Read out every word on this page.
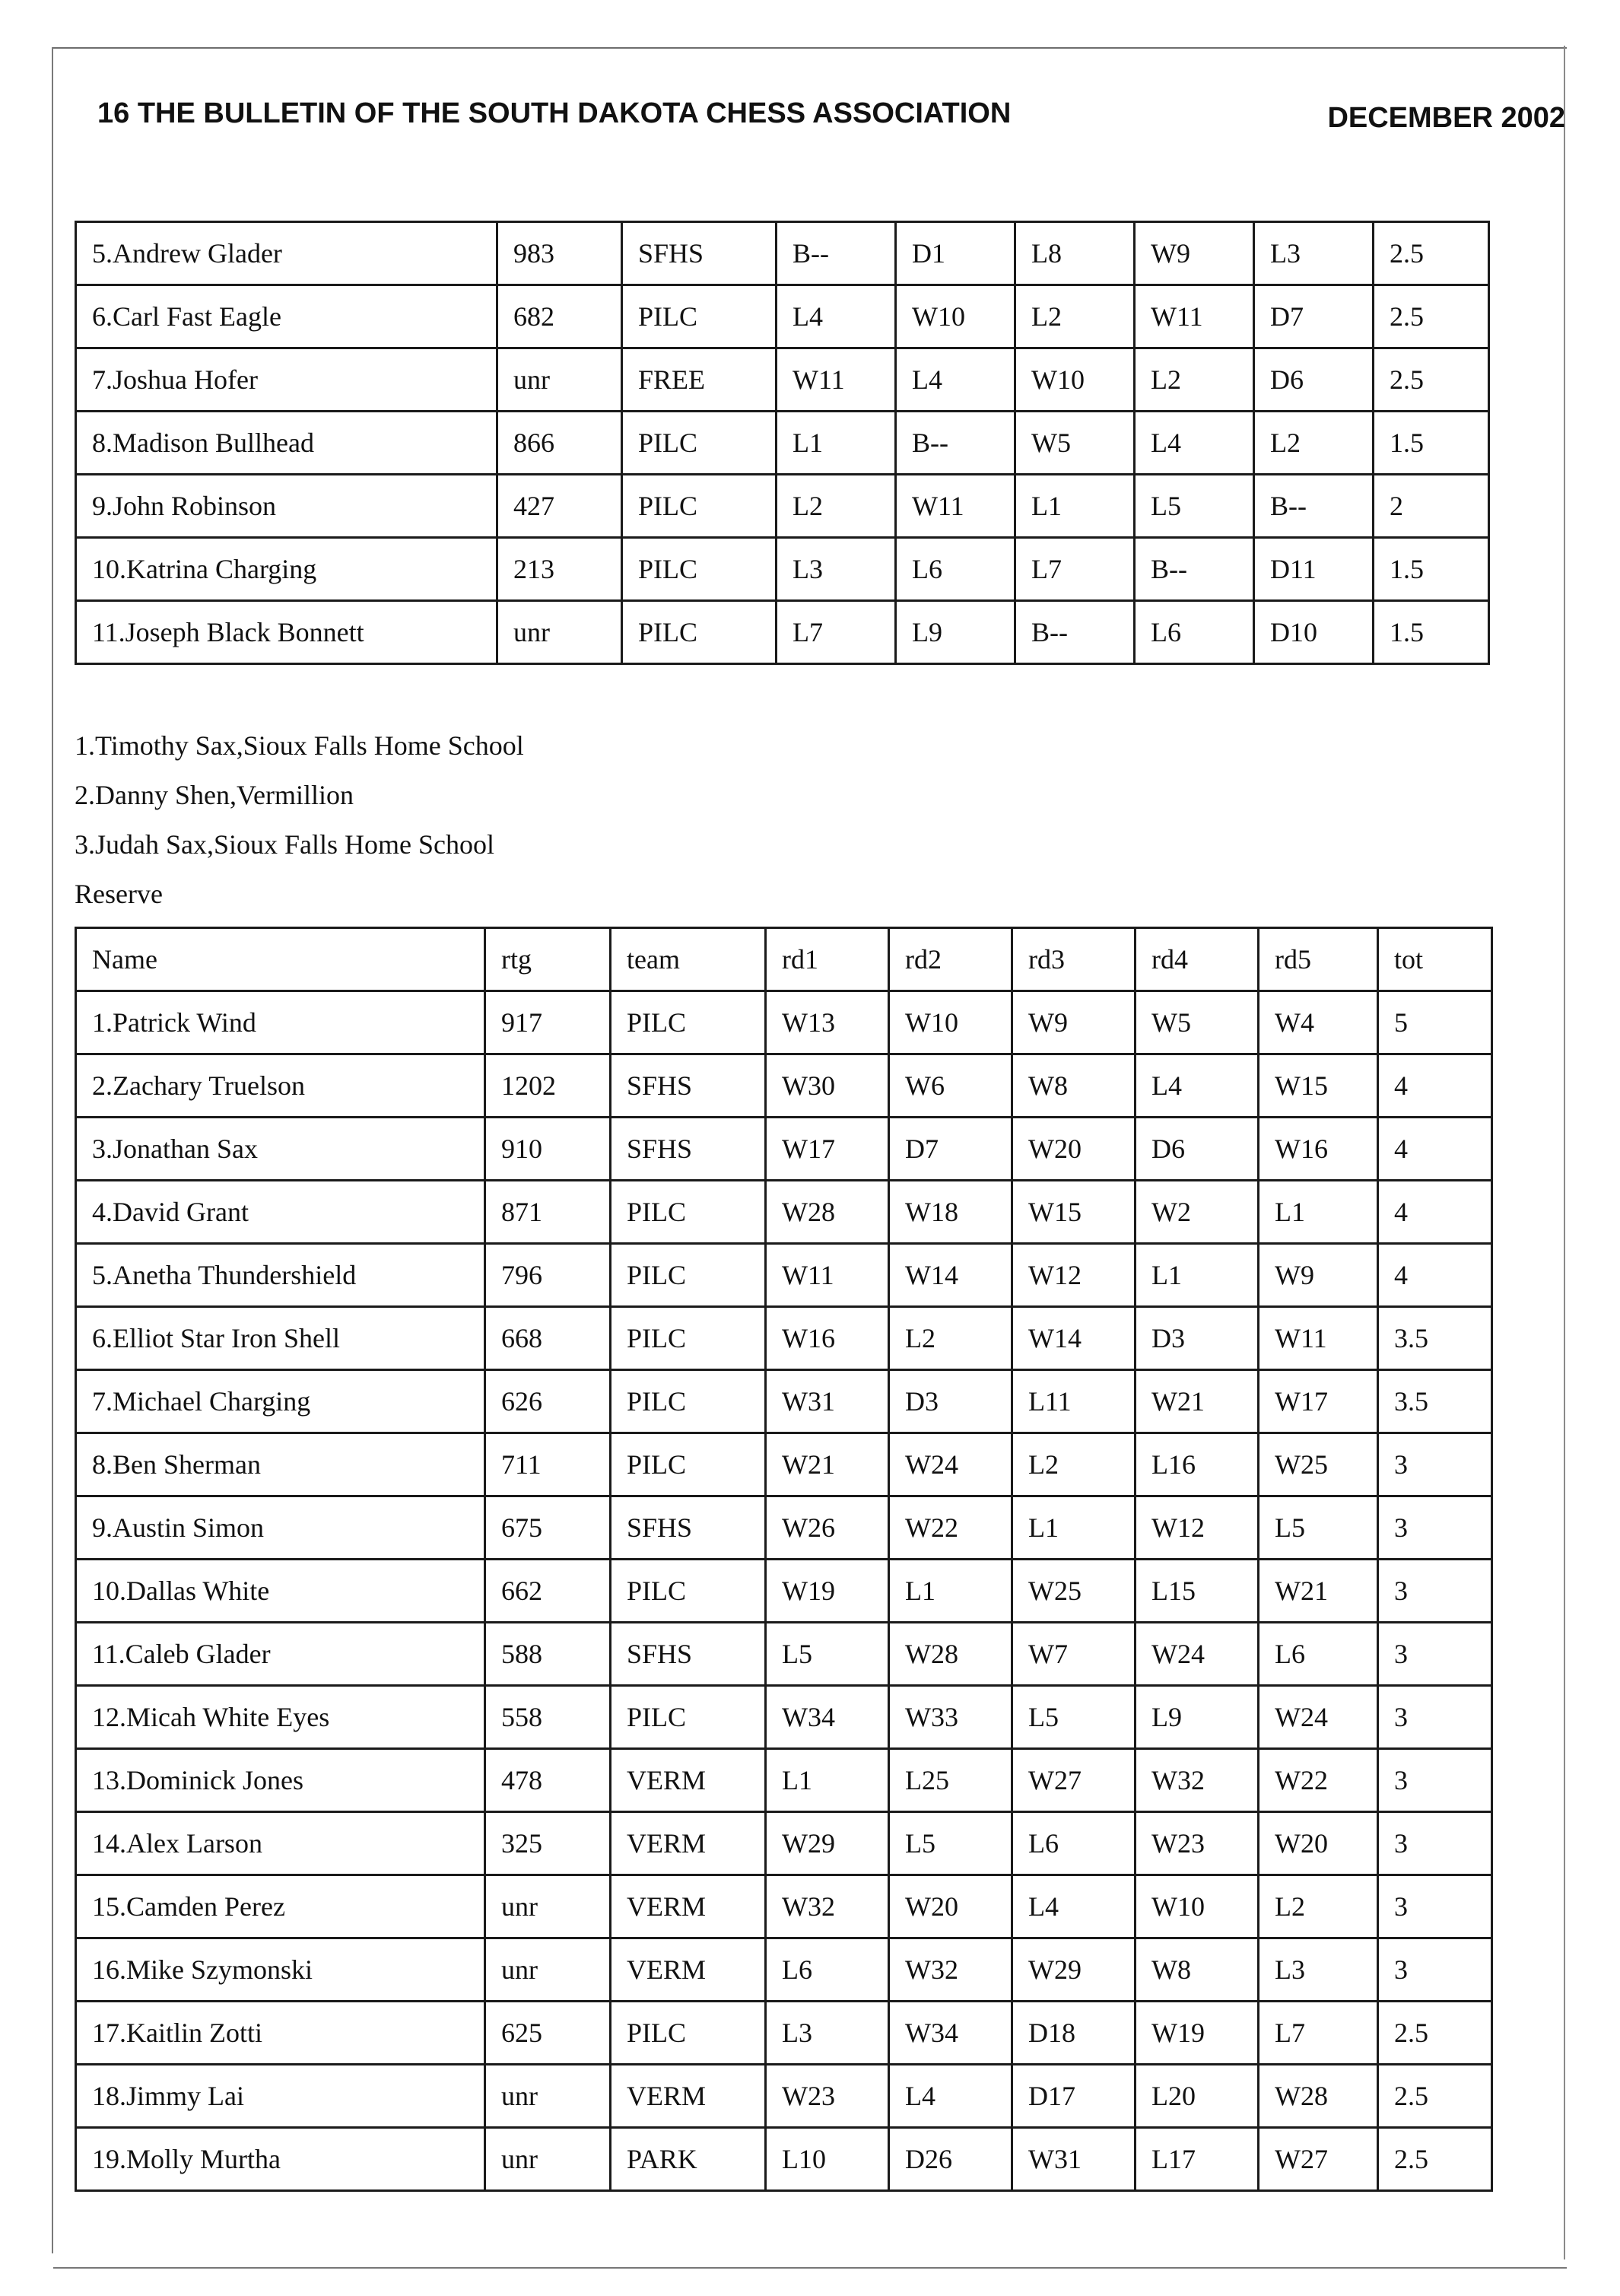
16 THE BULLETIN OF THE SOUTH DAKOTA CHESS ASSOCIATION	DECEMBER 2002
5.Andrew Glader	983	SFHS	B--	D1	L8	W9	L3	2.5
6.Carl Fast Eagle	682	PILC	L4	W10	L2	W11	D7	2.5
7.Joshua Hofer	unr	FREE	W11	L4	W10	L2	D6	2.5
8.Madison Bullhead	866	PILC	L1	B--	W5	L4	L2	1.5
9.John Robinson	427	PILC	L2	W11	L1	L5	B--	2
10.Katrina Charging	213	PILC	L3	L6	L7	B--	D11	1.5
11.Joseph Black Bonnett	unr	PILC	L7	L9	B--	L6	D10	1.5
1.Timothy Sax,Sioux Falls Home School
2.Danny Shen,Vermillion
3.Judah Sax,Sioux Falls Home School
Reserve
Name	rtg	team	rd1	rd2	rd3	rd4	rd5	tot
1.Patrick Wind	917	PILC	W13	W10	W9	W5	W4	5
2.Zachary Truelson	1202	SFHS	W30	W6	W8	L4	W15	4
3.Jonathan Sax	910	SFHS	W17	D7	W20	D6	W16	4
4.David Grant	871	PILC	W28	W18	W15	W2	L1	4
5.Anetha Thundershield	796	PILC	W11	W14	W12	L1	W9	4
6.Elliot Star Iron Shell	668	PILC	W16	L2	W14	D3	W11	3.5
7.Michael Charging	626	PILC	W31	D3	L11	W21	W17	3.5
8.Ben Sherman	711	PILC	W21	W24	L2	L16	W25	3
9.Austin Simon	675	SFHS	W26	W22	L1	W12	L5	3
10.Dallas White	662	PILC	W19	L1	W25	L15	W21	3
11.Caleb Glader	588	SFHS	L5	W28	W7	W24	L6	3
12.Micah White Eyes	558	PILC	W34	W33	L5	L9	W24	3
13.Dominick Jones	478	VERM	L1	L25	W27	W32	W22	3
14.Alex Larson	325	VERM	W29	L5	L6	W23	W20	3
15.Camden Perez	unr	VERM	W32	W20	L4	W10	L2	3
16.Mike Szymonski	unr	VERM	L6	W32	W29	W8	L3	3
17.Kaitlin Zotti	625	PILC	L3	W34	D18	W19	L7	2.5
18.Jimmy Lai	unr	VERM	W23	L4	D17	L20	W28	2.5
19.Molly Murtha	unr	PARK	L10	D26	W31	L17	W27	2.5
